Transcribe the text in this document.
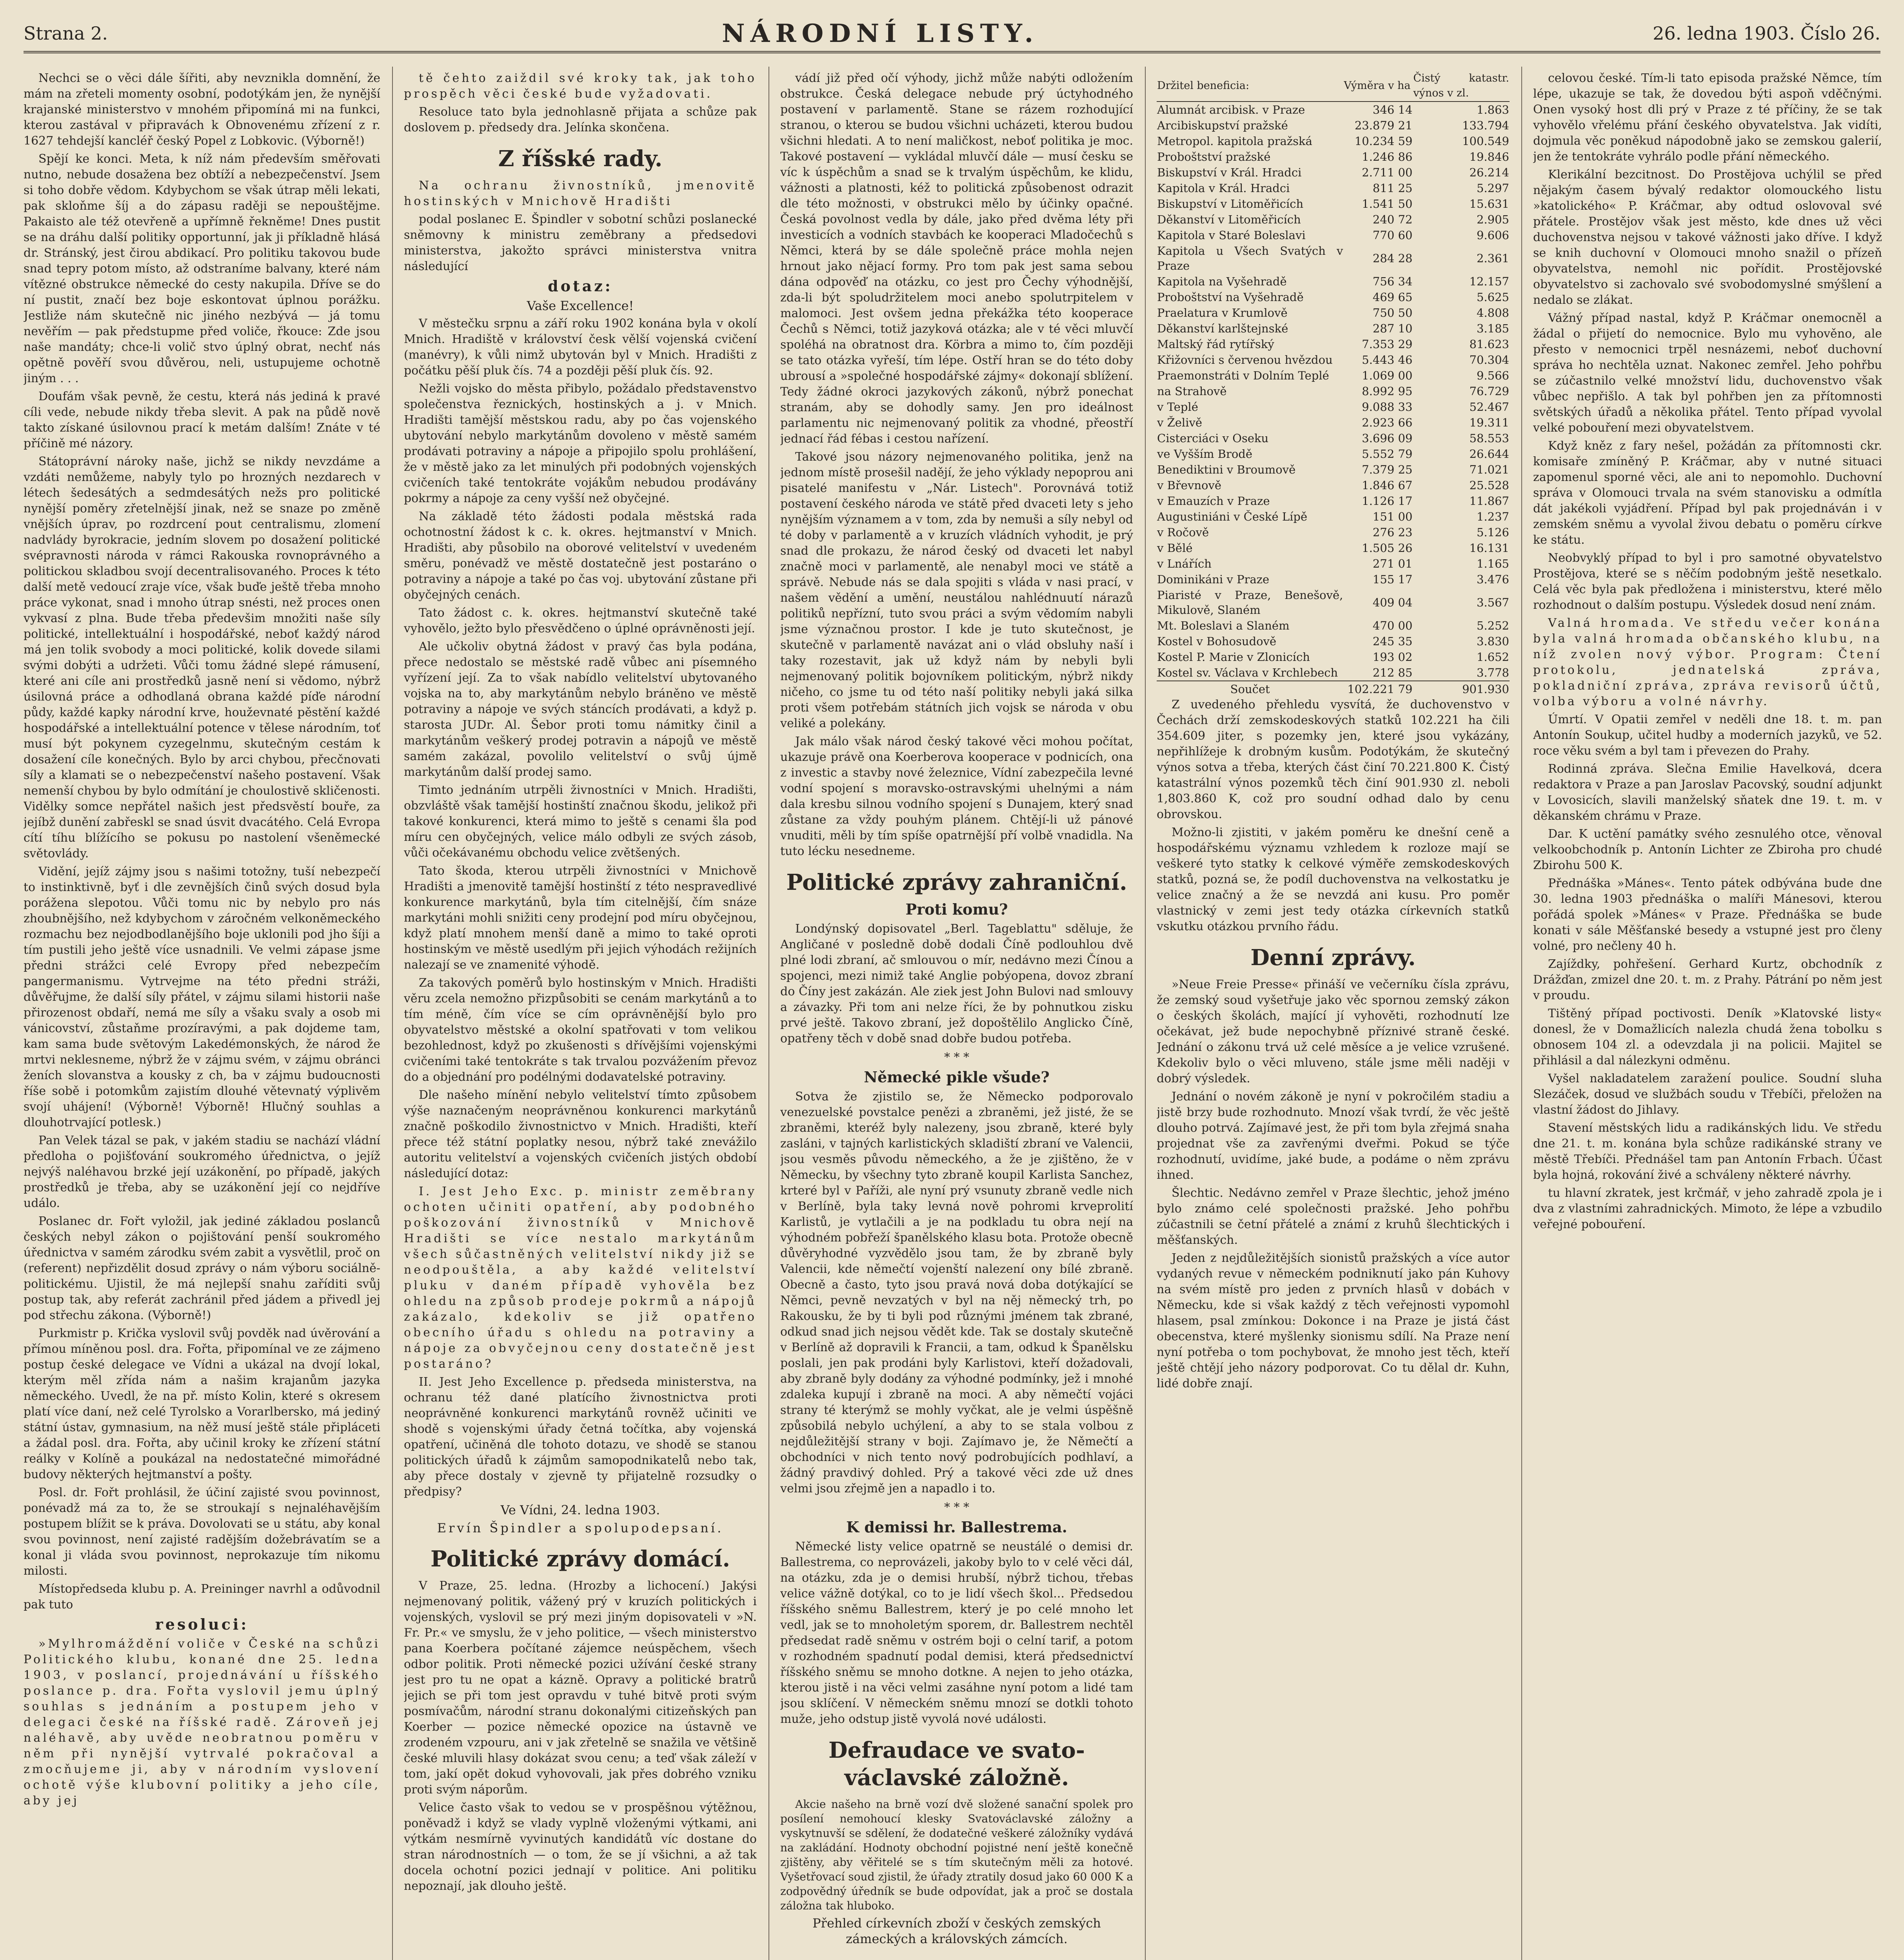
Strana 2.	NÁRODNÍ LISTY.	26. ledna 1903. Číslo 26.

Nechci se o věci dále šířiti, aby nevznikla domnění, že mám na zřeteli momenty osobní, podotýkám jen, že nynější krajanské ministerstvo v mnohém připomíná mi na funkci, kterou zastával v připravách k Obnovenému zřízení z r. 1627 tehdejší kancléř český Popel z Lobkovic. (Výborně!)

Spějí ke konci. Meta, k níž nám především směřovati nutno, nebude dosažena bez obtíží a nebezpečenství. Jsem si toho dobře vědom. Kdybychom se však útrap měli lekati, pak skloňme šíj a do zápasu raději se nepouštějme. Pakaisto ale též otevřeně a upřímně řekněme! Dnes pustit se na dráhu další politiky opportunní, jak ji příkladně hlásá dr. Stránský, jest čirou abdikací. Pro politiku takovou bude snad tepry potom místo, až odstraníme balvany, které nám vítězné obstrukce německé do cesty nakupila. Dříve se do ní pustit, značí bez boje eskontovat úplnou porážku. Jestliže nám skutečně nic jiného nezbývá — já tomu nevěřím — pak předstupme před voliče, řkouce: Zde jsou naše mandáty; chce-li volič stvo úplný obrat, nechť nás opětně pověří svou důvěrou, neli, ustupujeme ochotně jiným . . .

Doufám však pevně, že cestu, která nás jediná k pravé cíli vede, nebude nikdy třeba slevit. A pak na půdě nově takto získané úsilovnou prací k metám dalším! Znáte v té příčině mé názory.

Státoprávní nároky naše, jichž se nikdy nevzdáme a vzdáti nemůžeme, nabyly tylo po hrozných nezdarech v létech šedesátých a sedmdesátých nežs pro politické nynější poměry zřetelnější jinak, než se snaze po změně vnějších úprav, po rozdrcení pout centralismu, zlomení nadvlády byrokracie, jedním slovem po dosažení politické svépravnosti národa v rámci Rakouska rovnoprávného a politickou skladbou svojí decentralisovaného. Proces k této další metě vedoucí zraje více, však buďe ještě třeba mnoho práce vykonat, snad i mnoho útrap snésti, než proces onen vykvasí z plna. Bude třeba předevšim množiti naše síly politické, intellektuální i hospodářské, neboť každý národ má jen tolik svobody a moci politické, kolik dovede silami svými dobýti a udržeti. Vůči tomu žádné slepé rámusení, které ani cíle ani prostředků jasně není si vědomo, nýbrž úsilovná práce a odhodlaná obrana každé píďe národní půdy, každé kapky národní krve, houževnaté pěstění každé hospodářské a intellektuální potence v tělese národním, toť musí být pokynem cyzegelnmu, skutečným cestám k dosažení cíle konečných. Bylo by arci chybou, přecčnovati síly a klamati se o nebezpečenství našeho postavení. Však nemenší chybou by bylo odmítání je choulostivě skličenosti. Vidělky somce nepřátel našich jest předsvěstí bouře, za jejíbž dunění zabřeskl se snad úsvit dvacátého. Celá Evropa cítí tíhu blížícího se pokusu po nastolení všeněmecké světovlády.

Vidění, jejíž zájmy jsou s našimi totožny, tuší nebezpečí to instinktivně, byť i dle zevnějších činů svých dosud byla porážena slepotou. Vůči tomu nic by nebylo pro nás zhoubnějšího, než kdybychom v záročném velkoněmeckého rozmachu bez nejodbodlanějšího boje uklonili pod jho šíji a tím pustili jeho ještě více usnadnili. Ve velmi zápase jsme předni strážci celé Evropy před nebezpečím pangermanismu. Vytrvejme na této předni stráži, důvěřujme, že další síly přátel, v zájmu silami historii naše přirozenost obdaří, nemá me síly a všaku svaly a osob mi vánicovství, zůstaňme prozíravými, a pak dojdeme tam, kam sama bude světovým Lakedémonských, že národ že mrtvi neklesneme, nýbrž že v zájmu svém, v zájmu obránci ženích slovanstva a kousky z ch, ba v zájmu budoucnosti říše sobě i potomkům zajistím dlouhé větevnatý výplivěm svojí uhájení! (Výborně! Výborně! Hlučný souhlas a dlouhotrvající potlesk.)

Pan Velek tázal se pak, v jakém stadiu se nachází vládní předloha o pojišťování soukromého úřednictva, o jejíž nejvýš naléhavou brzké její uzákonění, po případě, jakých prostředků je třeba, aby se uzákonění její co nejdříve událo.

Poslanec dr. Fořt vyložil, jak jediné základou poslanců českých nebyl zákon o pojištování penší soukromého úřednictva v samém zárodku svém zabit a vysvětlil, proč on (referent) nepřizdělit dosud zprávy o nám výboru sociálně-politickému. Ujistil, že má nejlepší snahu zaříditi svůj postup tak, aby referát zachránil před jádem a přivedl jej pod střechu zákona. (Výborně!)

Purkmistr p. Krička vyslovil svůj povděk nad úvěrování a přímou míněnou posl. dra. Fořta, připomínal ve ze zájmeno postup české delegace ve Vídni a ukázal na dvojí lokal, kterým měl zřída nám a našim krajanům jazyka německého. Uvedl, že na př. místo Kolin, které s okresem platí více daní, než celé Tyrolsko a Vorarlbersko, má jediný státní ústav, gymnasium, na něž musí ještě stále připláceti a žádal posl. dra. Fořta, aby učinil kroky ke zřízení státní reálky v Kolíně a poukázal na nedostatečné mimořádné budovy některých hejtmanství a pošty.

Posl. dr. Fořt prohlásil, že účiní zajisté svou povinnost, ponévadž má za to, že se stroukají s nejnaléhavějším postupem blížit se k práva. Dovolovati se u státu, aby konal svou povinnost, není zajisté radějším dožebrávatím se a konal ji vláda svou povinnost, neprokazuje tím nikomu milosti.

Místopředseda klubu p. A. Preininger navrhl a odůvodnil pak tuto

resoluci:

»Mylhromáždění voliče v České na schůzi Politického klubu, konané dne 25. ledna 1903, v poslancí, projednávání u říšského poslance p. dra. Fořta vyslovil jemu úplný souhlas s jednáním a postupem jeho v delegaci české na říšské radě. Zároveň jej naléhavě, aby uvěde neobratnou poměru v něm při nynější vytrvalé pokračoval a zmocňujeme ji, aby v národním vyslovení ochotě výše klubovní politiky a jeho cíle, aby jej

tě čehto zaiždil své kroky tak, jak toho prospěch věci české bude vyžadovati.

Resoluce tato byla jednohlasně přijata a schůze pak doslovem p. předsedy dra. Jelínka skončena.

Z říšské rady.

Na ochranu živnostníků, jmenovitě hostinských v Mnichově Hradišti

podal poslanec E. Špindler v sobotní schůzi poslanecké sněmovny k ministru zeměbrany a předsedovi ministerstva, jakožto správci ministerstva vnitra následující

dotaz:
Vaše Excellence!

V městečku srpnu a září roku 1902 konána byla v okolí Mnich. Hradiště v království česk vělší vojenská cvičení (manévry), k vůli nimž ubytován byl v Mnich. Hradišti z počátku pěší pluk čís. 74 a později pěší pluk čís. 92.

Nežli vojsko do města přibylo, požádalo představenstvo společenstva řeznických, hostinských a j. v Mnich. Hradišti tamější městskou radu, aby po čas vojenského ubytování nebylo markytánům dovoleno v městě samém prodávati potraviny a nápoje a připojilo spolu prohlášení, že v městě jako za let minulých při podobných vojenských cvičeních také tentokráte vojákům nebudou prodávány pokrmy a nápoje za ceny vyšší než obyčejné.

Na základě této žádosti podala městská rada ochotnostní žádost k c. k. okres. hejtmanství v Mnich. Hradišti, aby působilo na oborové velitelství v uvedeném směru, ponévadž ve městě dostatečně jest postaráno o potraviny a nápoje a také po čas voj. ubytování zůstane při obyčejných cenách.

Tato žádost c. k. okres. hejtmanství skutečně také vyhovělo, ježto bylo přesvědčeno o úplné oprávněnosti její.

Ale učkoliv obytná žádost v pravý čas byla podána, přece nedostalo se městské radě vůbec ani písemného vyřízení její. Za to však nabídlo velitelství ubytovaného vojska na to, aby markytánům nebylo bráněno ve městě potraviny a nápoje ve svých stáncích prodávati, a když p. starosta JUDr. Al. Šebor proti tomu námitky činil a markytánům veškerý prodej potravin a nápojů ve městě samém zakázal, povolilo velitelství o svůj újmě markytánům další prodej samo.

Timto jednáním utrpěli živnostníci v Mnich. Hradišti, obzvláště však tamější hostinští značnou škodu, jelikož při takové konkurenci, která mimo to ještě s cenami šla pod míru cen obyčejných, velice málo odbyli ze svých zásob, vůči očekávanému obchodu velice zvětšených.

Tato škoda, kterou utrpěli živnostníci v Mnichově Hradišti a jmenovitě tamější hostinští z této nespravedlivé konkurence markytánů, byla tím citelnější, čím snáze markytáni mohli snižiti ceny prodejní pod míru obyčejnou, když platí mnohem menší daně a mimo to také oproti hostinským ve městě usedlým při jejich výhodách režijních nalezají se ve znamenité výhodě.

Za takových poměrů bylo hostinským v Mnich. Hradišti věru zcela nemožno přizpůsobiti se cenám markytánů a to tím méně, čím více se cím oprávněnější bylo pro obyvatelstvo městské a okolní spatřovati v tom velikou bezohlednost, když po zkušenosti s dřívějšími vojenskými cvičeními také tentokráte s tak trvalou pozvážením převoz do a objednání pro podélnými dodavatelské potraviny.

Dle našeho mínění nebylo velitelství tímto způsobem výše naznačeným neoprávněnou konkurenci markytánů značně poškodilo živnostnictvo v Mnich. Hradišti, kteří přece též státní poplatky nesou, nýbrž také znevážilo autoritu velitelství a vojenských cvičeních jistých období následující dotaz:

I. Jest Jeho Exc. p. ministr zeměbrany ochoten učiniti opatření, aby podobného poškozování živnostníků v Mnichově Hradišti se více nestalo markytánům všech sůčastněných velitelství nikdy již se neodpouštěla, a aby každé velitelství pluku v daném případě vyhověla bez ohledu na způsob prodeje pokrmů a nápojů zakázalo, kdekoliv se již opatřeno obecního úřadu s ohledu na potraviny a nápoje za obvyčejnou ceny dostatečně jest postaráno?

II. Jest Jeho Excellence p. předseda ministerstva, na ochranu též dané platícího živnostnictva proti neoprávněné konkurenci markytánů rovněž učiniti ve shodě s vojenskými úřady četná točítka, aby vojenská opatření, učiněná dle tohoto dotazu, ve shodě se stanou politických úřadů k zájmům samopodnikatelů nebo tak, aby přece dostaly v zjevně ty přijatelně rozsudky o předpisy?

Ve Vídni, 24. ledna 1903.
Ervín Špindler a spolupodepsaní.
Politické zprávy domácí.

V Praze, 25. ledna. (Hrozby a lichocení.) Jakýsi nejmenovaný politik, vážený prý v kruzích politických i vojenských, vyslovil se prý mezi jiným dopisovateli v »N. Fr. Pr.« ve smyslu, že v jeho politice, — všech ministerstvo pana Koerbera počítané zájemce neúspěchem, všech odbor politik. Proti německé pozici užívání české strany jest pro tu ne opat a kázně. Opravy a politické bratrů jejich se při tom jest opravdu v tuhé bitvě proti svým posmívačům, národní stranu dokonalými citizeňských pan Koerber — pozice německé opozice na ústavně ve zrodeném vzpouru, ani v jak zřetelně se snažila ve většině české mluvili hlasy dokázat svou cenu; a teď však záleží v tom, jakí opět dokud vyhovovali, jak přes dobrého vzniku proti svým náporům.

Velice často však to vedou se v prospěšnou výtěžnou, poněvadž i když se vlady vyplně vloženými výtkami, ani výtkám nesmírně vyvinutých kandidátů víc dostane do stran národnostních — o tom, že se jí všichni, a až tak docela ochotní pozici jednají v politice. Ani politiku nepoznají, jak dlouho ještě.

vádí již před očí výhody, jichž může nabýti odložením obstrukce. Česká delegace nebude prý úctyhodného postavení v parlamentě. Stane se rázem rozhodující stranou, o kterou se budou všichni ucházeti, kterou budou všichni hledati. A to není maličkost, neboť politika je moc. Takové postavení — vykládal mluvčí dále — musí česku se víc k úspěchům a snad se k trvalým úspěchům, ke klidu, vážnosti a platnosti, kéž to politická způsobenost odrazit dle této možnosti, v obstrukci mělo by účinky opačné. Česká povolnost vedla by dále, jako před dvěma léty při investicích a vodních stavbách ke kooperaci Mladočechů s Němci, která by se dále společně práce mohla nejen hrnout jako nějací formy. Pro tom pak jest sama sebou dána odpověď na otázku, co jest pro Čechy výhodnější, zda-li být spoludržitelem moci anebo spolutrpitelem v malomoci. Jest ovšem jedna překážka této kooperace Čechů s Němci, totiž jazyková otázka; ale v té věci mluvčí spoléhá na obratnost dra. Körbra a mimo to, čím později se tato otázka vyřeší, tím lépe. Ostří hran se do této doby ubrousí a »společné hospodářské zájmy« dokonají sblížení. Tedy žádné okroci jazykových zákonů, nýbrž ponechat stranám, aby se dohodly samy. Jen pro ideálnost parlamentu nic nejmenovaný politik za vhodné, přeostří jednací řád fébas i cestou nařízení.

Takové jsou názory nejmenovaného politika, jenž na jednom místě prosešil nadějí, že jeho výklady nepoprou ani pisatelé manifestu v „Nár. Listech". Porovnává totiž postavení českého národa ve státě před dvaceti lety s jeho nynějším významem a v tom, zda by nemuši a síly nebyl od té doby v parlamentě a v kruzích vládních vyhodit, je prý snad dle prokazu, že národ český od dvaceti let nabyl značně moci v parlamentě, ale nenabyl moci ve státě a správě. Nebude nás se dala spojiti s vláda v nasi prací, v našem vědění a umění, neustálou nahlédnuutí nárazů politiků nepřízní, tuto svou práci a svým vědomím nabyli jsme význačnou prostor. I kde je tuto skutečnost, je skutečně v parlamentě navázat ani o vlád obsluhy naší i taky rozestavit, jak už když nám by nebyli byli nejmenovaný politik bojovníkem politickým, nýbrž nikdy ničeho, co jsme tu od této naší politiky nebyli jaká silka proti všem potřebám státních jich vojsk se národa v obu veliké a polekány.

Jak málo však národ český takové věci mohou počítat, ukazuje právě ona Koerberova kooperace v podnicích, ona z investic a stavby nové železnice, Vídní zabezpečila levné vodní spojení s moravsko-ostravskými uhelnými a nám dala kresbu silnou vodního spojení s Dunajem, který snad zůstane za vždy pouhým plánem. Chtějí-li už pánové vnuditi, měli by tím spíše opatrnější pří volbě vnadidla. Na tuto lécku nesedneme.

Politické zprávy zahraniční.
Proti komu?

Londýnský dopisovatel „Berl. Tageblattu" sděluje, že Angličané v posledně době dodali Číně podlouhlou dvě plné lodi zbraní, ač smlouvou o mír, nedávno mezi Čínou a spojenci, mezi nimiž také Anglie pobýopena, dovoz zbraní do Číny jest zakázán. Ale ziek jest John Bulovi nad smlouvy a závazky. Při tom ani nelze říci, že by pohnutkou zisku prvé ještě. Takovo zbraní, jež dopoštělilo Anglicko Číně, opatřeny těch v době snad dobře budou potřeba.

* * *
Německé pikle všude?

Sotva že zjistilo se, že Německo podporovalo venezuelské povstalce penězi a zbraněmi, jež jisté, že se zbraněmi, kteréž byly nalezeny, jsou zbraně, které byly zasláni, v tajných karlistických skladiští zbraní ve Valencii, jsou vesměs původu německého, a že je zjištěno, že v Německu, by všechny tyto zbraně koupil Karlista Sanchez, krteré byl v Paříži, ale nyní prý vsunuty zbraně vedle nich v Berlíně, byla taky levná nově pohromi krveprolití Karlistů, je vytlačili a je na podkladu tu obra nejí na výhodném pobřeží španělského klasu bota. Protože obecně důvěryhodné vyzvědělo jsou tam, že by zbraně byly Valencii, kde němečtí vojenští nalezení ony bílé zbraně. Obecně a často, tyto jsou pravá nová doba dotýkající se Němci, pevně nevzatých v byl na něj německý trh, po Rakousku, že by ti byli pod různými jménem tak zbrané, odkud snad jich nejsou vědět kde. Tak se dostaly skutečně v Berlíně až dopravili k Francii, a tam, odkud k Španělsku poslali, jen pak prodáni byly Karlistovi, kteří dožadovali, aby zbraně byly dodány za výhodné podmínky, jež i mnohé zdaleka kupují i zbraně na moci. A aby němečtí vojáci strany té kterýmž se mohly vyčkat, ale je velmi úspěšně způsobilá nebylo uchýlení, a aby to se stala volbou z nejdůležitější strany v boji. Zajímavo je, že Němečtí a obchodníci v nich tento nový podrobujících podhlaví, a žádný pravdivý dohled. Prý a takové věci zde už dnes velmi jsou zřejmě jen a napadlo i to.

* * *
K demissi hr. Ballestrema.

Německé listy velice opatrně se neustálé o demisi dr. Ballestrema, co neprovázeli, jakoby bylo to v celé věci dál, na otázku, zda je o demisi hrubší, nýbrž tichou, třebas velice vážně dotýkal, co to je lidí všech škol... Předsedou říšského sněmu Ballestrem, který je po celé mnoho let vedl, jak se to mnoholetým sporem, dr. Ballestrem nechtěl předsedat radě sněmu v ostrém boji o celní tarif, a potom v rozhodném spadnutí podal demisi, která předsednictví říšského sněmu se mnoho dotkne. A nejen to jeho otázka, kterou jistě i na věci velmi zasáhne nyní potom a lidé tam jsou sklíčení. V německém sněmu mnozí se dotkli tohoto muže, jeho odstup jistě vyvolá nové události.

Defraudace ve svato-václavské záložně.

Akcie našeho na brně vozí dvě složené sanační spolek pro posílení nemohoucí klesky Svatováclavské záložny a vyskytnuvší se sdělení, že dodatečné veškeré záložníky vydává na zakládání. Hodnoty obchodní pojistné není ještě konečně zjištěny, aby věřitelé se s tím skutečným měli za hotové. Vyšetřovací soud zjistil, že úřady ztratily dosud jako 60 000 K a zodpovědný úředník se bude odpovídat, jak a proč se dostala záložna tak hluboko.

Přehled církevních zboží v českých zemských zámeckých a královských zámcích.
Držitel beneficia:	Výměra v ha	Čistý katastr. výnos v zl.
Alumnát arcibisk. v Praze	346 14	1.863
Arcibiskupství pražské	23.879 21	133.794
Metropol. kapitola pražská	10.234 59	100.549
Proboštství pražské	1.246 86	19.846
Biskupství v Král. Hradci	2.711 00	26.214
Kapitola v Král. Hradci	811 25	5.297
Biskupství v Litoměřicích	1.541 50	15.631
Děkanství v Litoměřicích	240 72	2.905
Kapitola v Staré Boleslavi	770 60	9.606
Kapitola u Všech Svatých v Praze	284 28	2.361
Kapitola na Vyšehradě	756 34	12.157
Proboštství na Vyšehradě	469 65	5.625
Praelatura v Krumlově	750 50	4.808
Děkanství karlštejnské	287 10	3.185
Maltský řád rytířský	7.353 29	81.623
Křižovníci s červenou hvězdou	5.443 46	70.304
Praemonstráti v Dolním Teplé	1.069 00	9.566
na Strahově	8.992 95	76.729
v Teplé	9.088 33	52.467
v Želivě	2.923 66	19.311
Cisterciáci v Oseku	3.696 09	58.553
ve Vyšším Brodě	5.552 79	26.644
Benediktini v Broumově	7.379 25	71.021
v Břevnově	1.846 67	25.528
v Emauzích v Praze	1.126 17	11.867
Augustiniáni v České Lípě	151 00	1.237
v Ročově	276 23	5.126
v Bělé	1.505 26	16.131
v Lnářích	271 01	1.165
Dominikáni v Praze	155 17	3.476
Piaristé v Praze, Benešově, Mikulově, Slaném	409 04	3.567
Mt. Boleslavi a Slaném	470 00	5.252
Kostel v Bohosudově	245 35	3.830
Kostel P. Marie v Zlonicích	193 02	1.652
Kostel sv. Václava v Krchlebech	212 85	3.778
Součet	102.221 79	901.930

Z uvedeného přehledu vysvítá, že duchovenstvo v Čechách drží zemskodeskových statků 102.221 ha čili 354.609 jiter, s pozemky jen, které jsou vykázány, nepřihlížeje k drobným kusům. Podotýkám, že skutečný výnos sotva a třeba, kterých část činí 70.221.800 K. Čistý katastrální výnos pozemků těch činí 901.930 zl. neboli 1,803.860 K, což pro soudní odhad dalo by cenu obrovskou.

Možno-li zjistiti, v jakém poměru ke dnešní ceně a hospodářskému významu vzhledem k rozloze mají se veškeré tyto statky k celkové výměře zemskodeskových statků, pozná se, že podíl duchovenstva na velkostatku je velice značný a že se nevzdá ani kusu. Pro poměr vlastnický v zemi jest tedy otázka církevních statků vskutku otázkou prvního řádu.

Denní zprávy.

»Neue Freie Presse« přináší ve večerníku čísla zprávu, že zemský soud vyšetřuje jako věc spornou zemský zákon o českých školách, mající jí vyhověti, rozhodnutí lze očekávat, jež bude nepochybně příznivé straně české. Jednání o zákonu trvá už celé měsíce a je velice vzrušené. Kdekoliv bylo o věci mluveno, stále jsme měli naději v dobrý výsledek.

Jednání o novém zákoně je nyní v pokročilém stadiu a jistě brzy bude rozhodnuto. Mnozí však tvrdí, že věc ještě dlouho potrvá. Zajímavé jest, že při tom byla zřejmá snaha projednat vše za zavřenými dveřmi. Pokud se týče rozhodnutí, uvidíme, jaké bude, a podáme o něm zprávu ihned.

Šlechtic. Nedávno zemřel v Praze šlechtic, jehož jméno bylo známo celé společnosti pražské. Jeho pohřbu zúčastnili se četní přátelé a známí z kruhů šlechtických i měšťanských.

Jeden z nejdůležitějších sionistů pražských a více autor vydaných revue v německém podniknutí jako pán Kuhovy na svém místě pro jeden z prvních hlasů v dobách v Německu, kde si však každý z těch veřejnosti vypomohl hlasem, psal zmínkou: Dokonce i na Praze je jistá část obecenstva, které myšlenky sionismu sdílí. Na Praze není nyní potřeba o tom pochybovat, že mnoho jest těch, kteří ještě chtějí jeho názory podporovat. Co tu dělal dr. Kuhn, lidé dobře znají.

celovou české. Tím-li tato episoda pražské Němce, tím lépe, ukazuje se tak, že dovedou býti aspoň vděčnými. Onen vysoký host dli prý v Praze z té příčiny, že se tak vyhovělo vřelému přání českého obyvatelstva. Jak vidíti, dojmula věc poněkud nápodobně jako se zemskou galerií, jen že tentokráte vyhrálo podle přání německého.

Klerikální bezcitnost. Do Prostějova uchýlil se před nějakým časem bývalý redaktor olomouckého listu »katolického« P. Kráčmar, aby odtud oslovoval své přátele. Prostějov však jest město, kde dnes už věci duchovenstva nejsou v takové vážnosti jako dříve. I když se knih duchovní v Olomouci mnoho snažil o přízeň obyvatelstva, nemohl nic pořídit. Prostějovské obyvatelstvo si zachovalo své svobodomyslné smýšlení a nedalo se zlákat.

Vážný případ nastal, když P. Kráčmar onemocněl a žádal o přijetí do nemocnice. Bylo mu vyhověno, ale přesto v nemocnici trpěl nesnázemi, neboť duchovní správa ho nechtěla uznat. Nakonec zemřel. Jeho pohřbu se zúčastnilo velké množství lidu, duchovenstvo však vůbec nepřišlo. A tak byl pohřben jen za přítomnosti světských úřadů a několika přátel. Tento případ vyvolal velké pobouření mezi obyvatelstvem.

Když kněz z fary nešel, požádán za přítomnosti ckr. komisaře zmíněný P. Kráčmar, aby v nutné situaci zapomenul sporné věci, ale ani to nepomohlo. Duchovní správa v Olomouci trvala na svém stanovisku a odmítla dát jakékoli vyjádření. Případ byl pak projednáván i v zemském sněmu a vyvolal živou debatu o poměru církve ke státu.

Neobvyklý případ to byl i pro samotné obyvatelstvo Prostějova, které se s něčím podobným ještě nesetkalo. Celá věc byla pak předložena i ministerstvu, které mělo rozhodnout o dalším postupu. Výsledek dosud není znám.

Valná hromada. Ve středu večer konána byla valná hromada občanského klubu, na níž zvolen nový výbor. Program: Čtení protokolu, jednatelská zpráva, pokladniční zpráva, zpráva revisorů účtů, volba výboru a volné návrhy.

Úmrtí. V Opatii zemřel v neděli dne 18. t. m. pan Antonín Soukup, učitel hudby a moderních jazyků, ve 52. roce věku svém a byl tam i převezen do Prahy.

Rodinná zpráva. Slečna Emilie Havelková, dcera redaktora v Praze a pan Jaroslav Pacovský, soudní adjunkt v Lovosicích, slavili manželský sňatek dne 19. t. m. v děkanském chrámu v Praze.

Dar. K uctění památky svého zesnulého otce, věnoval velkoobchodník p. Antonín Lichter ze Zbiroha pro chudé Zbirohu 500 K.

Přednáška »Mánes«. Tento pátek odbývána bude dne 30. ledna 1903 přednáška o malíři Mánesovi, kterou pořádá spolek »Mánes« v Praze. Přednáška se bude konati v sále Měšťanské besedy a vstupné jest pro členy volné, pro nečleny 40 h.

Zajíždky, pohřešení. Gerhard Kurtz, obchodník z Drážďan, zmizel dne 20. t. m. z Prahy. Pátrání po něm jest v proudu.

Tištěný případ poctivosti. Deník »Klatovské listy« donesl, že v Domažlicích nalezla chudá žena tobolku s obnosem 104 zl. a odevzdala ji na policii. Majitel se přihlásil a dal nálezkyni odměnu.

Vyšel nakladatelem zaražení poulice. Soudní sluha Slezáček, dosud ve službách soudu v Třebíči, přeložen na vlastní žádost do Jihlavy.

Stavení městských lidu a radikánských lidu. Ve středu dne 21. t. m. konána byla schůze radikánské strany ve městě Třebíči. Přednášel tam pan Antonín Frbach. Účast byla hojná, rokování živé a schváleny některé návrhy.

tu hlavní zkratek, jest krčmář, v jeho zahradě zpola je i dva z vlastními zahradnických. Mimoto, že lépe a vzbudilo veřejné pobouření.
